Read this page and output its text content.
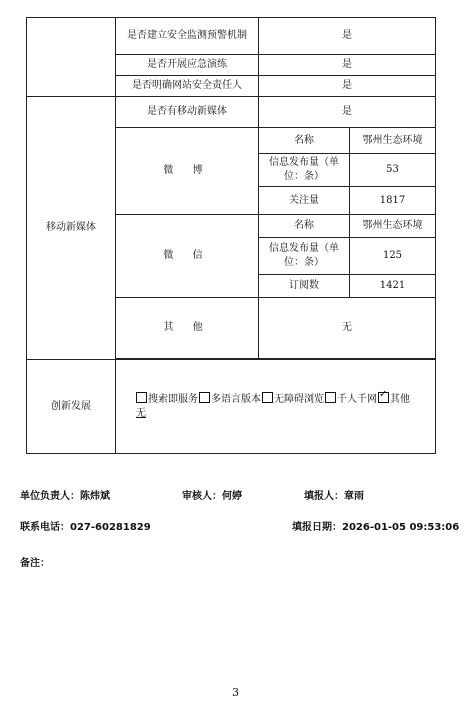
	是否建立安全监测预警机制	是	
	是否开展应急演练	是	
	是否明确网站安全责任人	是	
移动新媒体	是否有移动新媒体	是	
	微 博	名称	鄂州生态环境
		信息发布量（单位：条）	53
		关注量	1817
	微 信	名称	鄂州生态环境
		信息发布量（单位：条）	125
		订阅数	1421
	其 他	无	

创新发展	搜索即服务 多语言版本 无障碍浏览 千人千网 ✓ 其他
无
单位负责人：陈炜斌	审核人：何婷	填报人：章雨
联系电话：027-60281829	填报日期：2026-01-05 09:53:06
备注：
3
